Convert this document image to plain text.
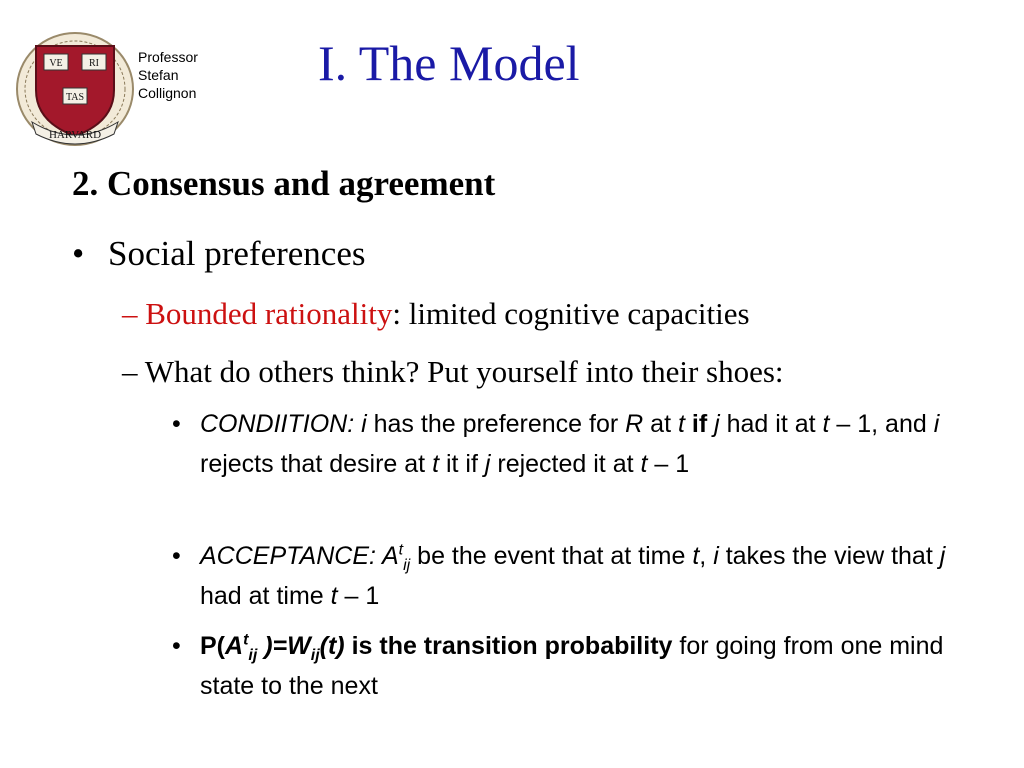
VE	RI
TAS
HARVARD
Professor
Stefan
Collignon
I. The Model
2. Consensus and agreement
• Social preferences
– Bounded rationality: limited cognitive capacities
– What do others think? Put yourself into their shoes:
• CONDIITION: i has the preference for R at t if j had it at t – 1, and i rejects that desire at t it if j rejected it at t – 1
• ACCEPTANCE: $A^t_{ij}$ be the event that at time t, i takes the view that j had at time t – 1
• $P(A^t_{ij}$ )$=W_{ij}(t)$ is the transition probability for going from one mind state to the next
